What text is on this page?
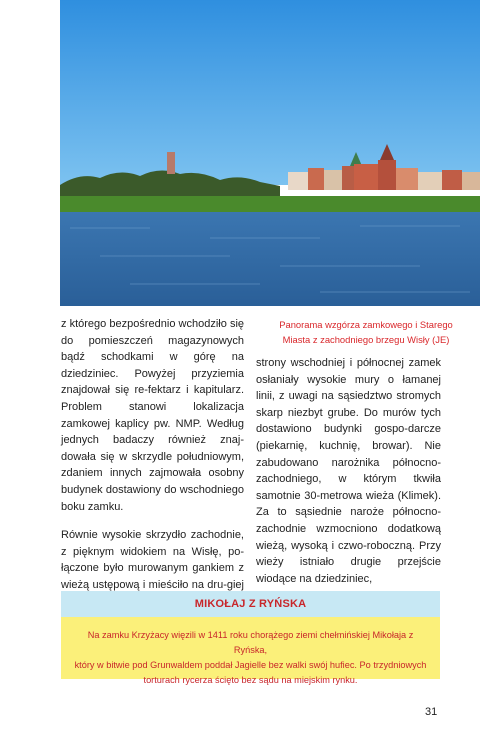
Panorama wzgórza zamkowego i Starego
Miasta z zachodniego brzegu Wisły (JE)

z którego bezpośrednio wchodziło się do pomieszczeń magazynowych bądź schodkami w górę na dziedziniec. Powyżej przyziemia znajdował się re-fektarz i kapitularz. Problem stanowi lokalizacja zamkowej kaplicy pw. NMP. Według jednych badaczy również znaj-dowała się w skrzydle południowym, zdaniem innych zajmowała osobny budynek dostawiony do wschodniego boku zamku.

Równie wysokie skrzydło zachodnie, z pięknym widokiem na Wisłę, po-łączone było murowanym gankiem z wieżą ustępową i mieściło na dru-giej

strony wschodniej i północnej zamek osłaniały wysokie mury o łamanej linii, z uwagi na sąsiedztwo stromych skarp niezbyt grube. Do murów tych dostawiono budynki gospo-darcze (piekarnię, kuchnię, browar). Nie zabudowano narożnika północno-zachodniego, w którym tkwiła samotnie 30-metrowa wieża (Klimek). Za to sąsiednie naroże północno-zachodnie wzmocniono dodatkową wieżą, wysoką i czwo-roboczną. Przy wieży istniało drugie przejście wiodące na dziedziniec,

MIKOŁAJ Z RYŃSKA
Na zamku Krzyżacy więzili w 1411 roku chorążego ziemi chełmińskiej Mikołaja z Ryńska,
który w bitwie pod Grunwaldem poddał Jagielle bez walki swój hufiec. Po trzydniowych
torturach rycerza ścięto bez sądu na miejskim rynku.
31
